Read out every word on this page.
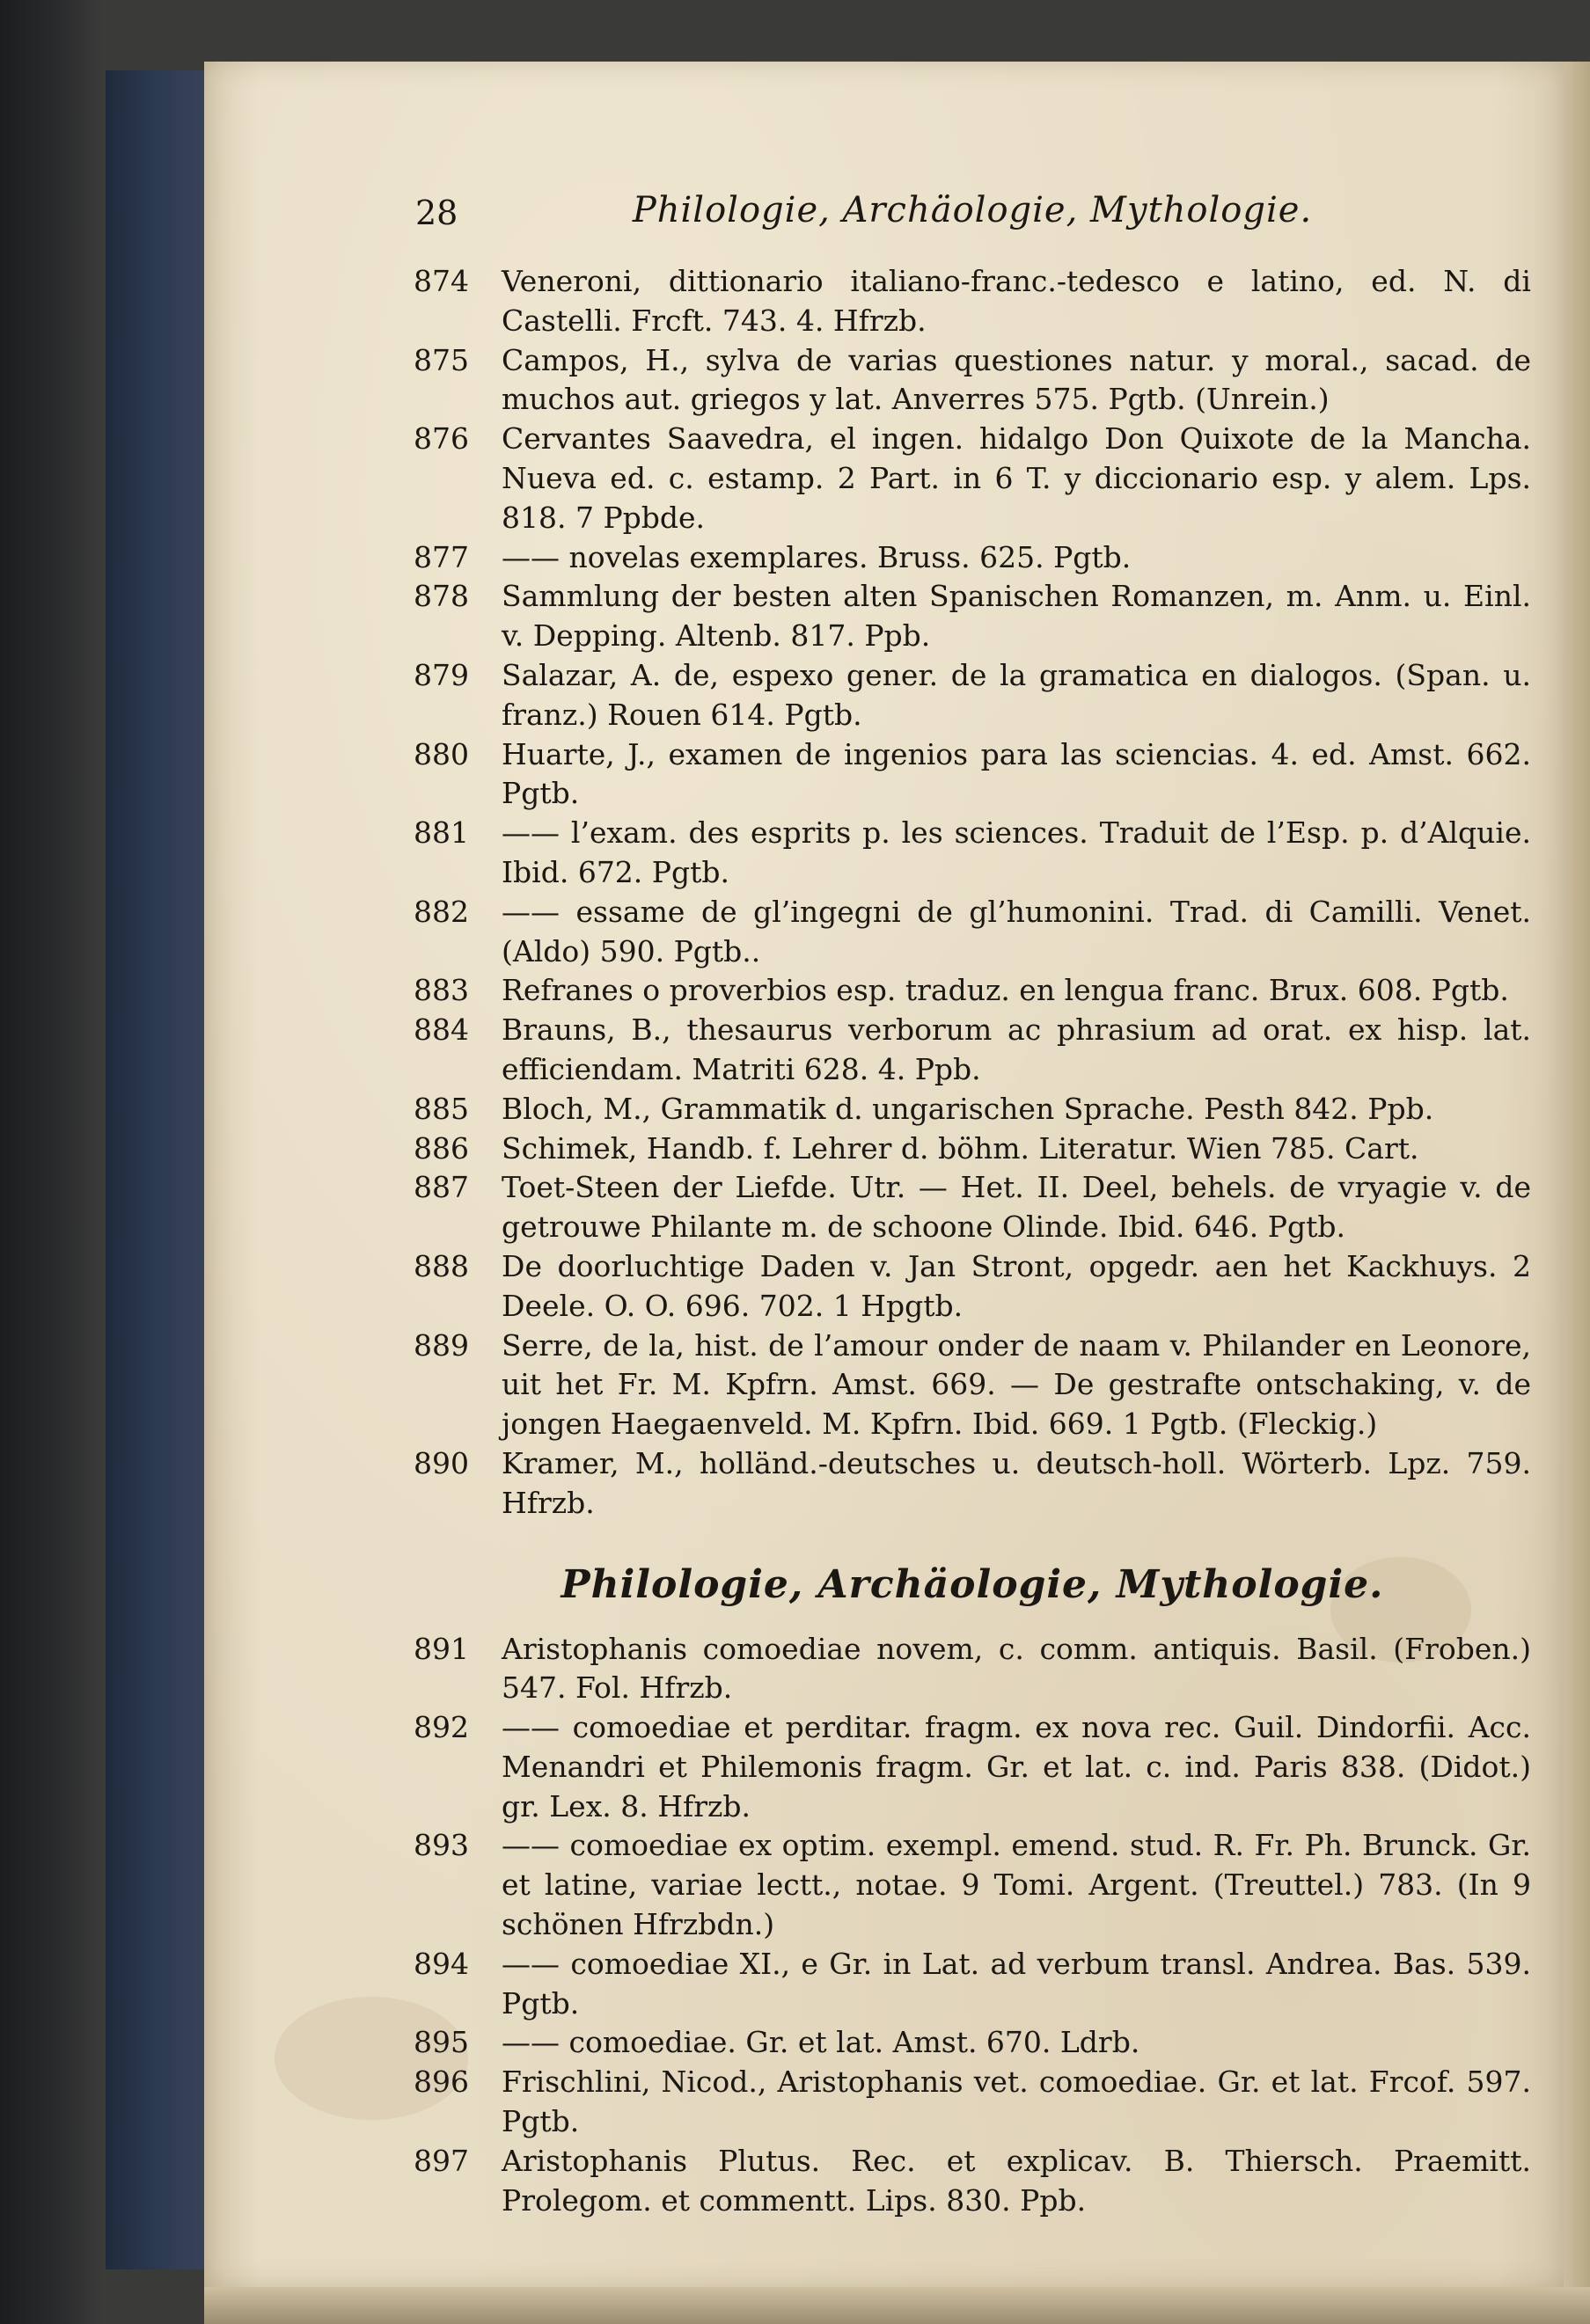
28	Philologie, Archäologie, Mythologie.
874	Veneroni, dittionario italiano-franc.-tedesco e latino, ed. N. di Castelli. Frcft. 743. 4. Hfrzb.
875	Campos, H., sylva de varias questiones natur. y moral., sacad. de muchos aut. griegos y lat. Anverres 575. Pgtb. (Unrein.)
876	Cervantes Saavedra, el ingen. hidalgo Don Quixote de la Mancha. Nueva ed. c. estamp. 2 Part. in 6 T. y diccionario esp. y alem. Lps. 818. 7 Ppbde.
877	—— novelas exemplares. Bruss. 625. Pgtb.
878	Sammlung der besten alten Spanischen Romanzen, m. Anm. u. Einl. v. Depping. Altenb. 817. Ppb.
879	Salazar, A. de, espexo gener. de la gramatica en dialogos. (Span. u. franz.) Rouen 614. Pgtb.
880	Huarte, J., examen de ingenios para las sciencias. 4. ed. Amst. 662. Pgtb.
881	—— l’exam. des esprits p. les sciences. Traduit de l’Esp. p. d’Alquie. Ibid. 672. Pgtb.
882	—— essame de gl’ingegni de gl’humonini. Trad. di Camilli. Venet. (Aldo) 590. Pgtb..
883	Refranes o proverbios esp. traduz. en lengua franc. Brux. 608. Pgtb.
884	Brauns, B., thesaurus verborum ac phrasium ad orat. ex hisp. lat. efficiendam. Matriti 628. 4. Ppb.
885	Bloch, M., Grammatik d. ungarischen Sprache. Pesth 842. Ppb.
886	Schimek, Handb. f. Lehrer d. böhm. Literatur. Wien 785. Cart.
887	Toet-Steen der Liefde. Utr. — Het. II. Deel, behels. de vryagie v. de getrouwe Philante m. de schoone Olinde. Ibid. 646. Pgtb.
888	De doorluchtige Daden v. Jan Stront, opgedr. aen het Kackhuys. 2 Deele. O. O. 696. 702. 1 Hpgtb.
889	Serre, de la, hist. de l’amour onder de naam v. Philander en Leonore, uit het Fr. M. Kpfrn. Amst. 669. — De gestrafte ontschaking, v. de jongen Haegaenveld. M. Kpfrn. Ibid. 669. 1 Pgtb. (Fleckig.)
890	Kramer, M., holländ.-deutsches u. deutsch-holl. Wörterb. Lpz. 759. Hfrzb.
Philologie, Archäologie, Mythologie.
891	Aristophanis comoediae novem, c. comm. antiquis. Basil. (Froben.) 547. Fol. Hfrzb.
892	—— comoediae et perditar. fragm. ex nova rec. Guil. Dindorfii. Acc. Menandri et Philemonis fragm. Gr. et lat. c. ind. Paris 838. (Didot.) gr. Lex. 8. Hfrzb.
893	—— comoediae ex optim. exempl. emend. stud. R. Fr. Ph. Brunck. Gr. et latine, variae lectt., notae. 9 Tomi. Argent. (Treuttel.) 783. (In 9 schönen Hfrzbdn.)
894	—— comoediae XI., e Gr. in Lat. ad verbum transl. Andrea. Bas. 539. Pgtb.
895	—— comoediae. Gr. et lat. Amst. 670. Ldrb.
896	Frischlini, Nicod., Aristophanis vet. comoediae. Gr. et lat. Frcof. 597. Pgtb.
897	Aristophanis Plutus. Rec. et explicav. B. Thiersch. Praemitt. Prolegom. et commentt. Lips. 830. Ppb.
